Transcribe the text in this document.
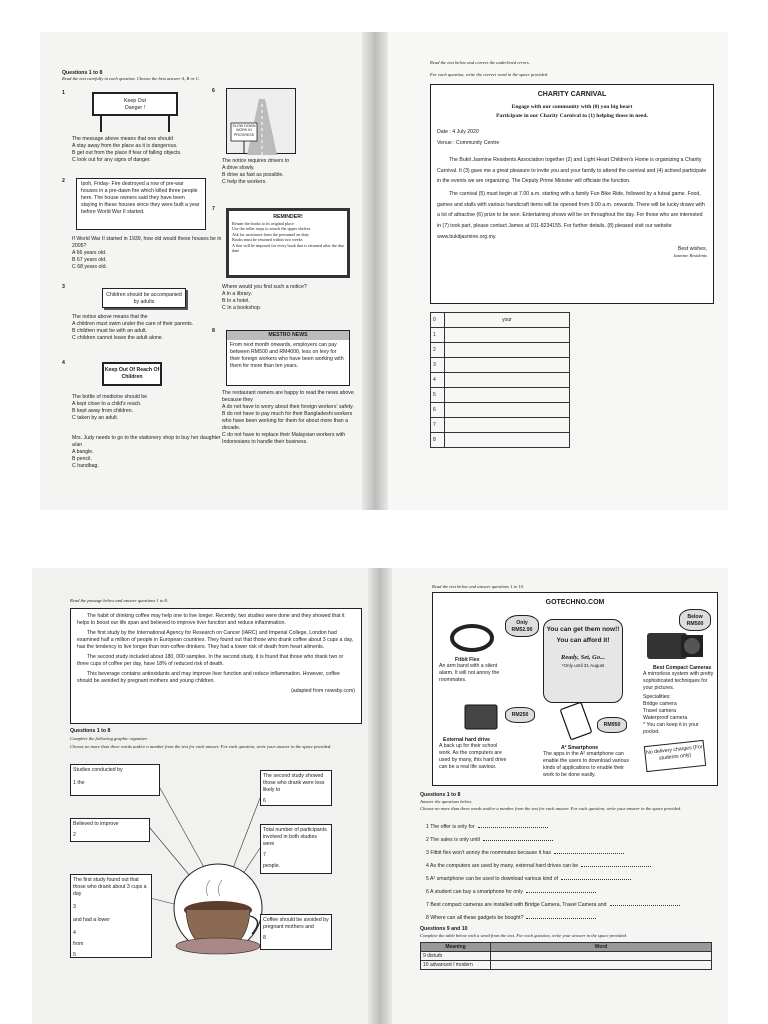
Questions 1 to 8
Read the text carefully in each question. Choose the best answer A, B or C.
1
Keep Out
Danger !
The message above means that one should
A stay away from the place as it is dangerous.
B get out from the place if fear of falling objects.
C look out for any signs of danger.
2	Ipoh, Friday- Fire destroyed a row of pre-war houses in a pre-dawn fire which killed three people here. The house owners said they have been staying in these houses since they were built a year before World War II started.
If World War II started in 1939, how old would these houses be in 2005?
A 66 years old.
B 67 years old.
C 68 years old.
3
Children should be accompanied by adults
The notice above means that the
A children must swim under the care of their parents.
B children must be with an adult.
C children cannot leave the adult alone.
4
Keep Out Of Reach Of Children
The bottle of medicine should be
A kept close to a child's reach.
B kept away from children.
C taken by an adult.
Mrs. Judy needs to go to the stationery shop to buy her daughter a/an
A bangle.
B pencil.
C handbag.
6
SLOW DOWN WORK IN PROGRESS
The notice requires drivers to
A drive slowly.
B drive as fast as possible.
C help the workers.
7
REMINDER!
Return the books to its original place
Use the roller steps to search the upper shelves
Ask for assistance from the personnel on duty
Books must be returned within two weeks
A fine will be imposed for every book that is returned after the due date
Where would you find such a notice?
A In a library.
B In a hotel.
C In a bookshop.
8
MESTRO NEWS
From next month onwards, employers can pay between RM500 and RM4000, less on levy for their foreign workers who have been working with them for more than ten years.
The restaurant owners are happy to read the news above because they
A do not have to worry about their foreign workers' safety.
B do not have to pay much for their Bangladeshi workers who have been working for them for about more than a decade.
C do not have to replace their Malaysian workers with Indonesians to handle their business.
Read the text below and correct the underlined errors.
For each question, write the correct word in the space provided.
CHARITY CARNIVAL
Engage with our community with (0) you big heart
Participate in our Charity Carnival to (1) helping those in need.
Date : 4 July 2020
Venue : Community Centre
The Bukit Jasmine Residents Association together (2) and Light Heart Children's Home is organizing a Charity Carnival. It (3) gave me a great pleasure to invite you and your family to attend the carnival and (4) actived participate in the events we are organizing. The Deputy Prime Minister will officiate the function.
The carnival (5) must begin at 7.00 a.m. starting with a family Fun Bike Ride, followed by a futsal game. Food, games and stalls with various handicraft items will be opened from 9.00 a.m. onwards. There will be lucky draws with a lot of attractive (6) prize to be won. Entertaining shows will be on throughout the day. For those who are interested in (7) took part, please contact James at 011-8234155. For further details, (8) pleased visit our website www.bukitjasmine.org.my.
Best wishes,
Jasmine Residents
0	your
1	
2	
3	
4	
5	
6	
7	
8	
Read the passage below and answer questions 1 to 8.

The habit of drinking coffee may help one to live longer. Recently, two studies were done and they showed that it helps to boost our life span and believed to improve liver function and reduce inflammation.

The first study by the International Agency for Research on Cancer (IARC) and Imperial College, London had examined half a million of people in European countries. They found out that those who drank coffee about 3 cups a day, has the tendency to live longer than non-coffee drinkers. They had a lower risk of death from heart ailments.

The second study included about 180, 000 samples. In the second study, it is found that those who drank two or three cups of coffee per day, have 18% of reduced risk of death.

This beverage contains antioxidants and may improve liver function and reduce inflammation. However, coffee should be avoided by pregnant mothers and young children.

(adapted from nowsby.com)

Questions 1 to 8
Complete the following graphic organiser.
Choose no more than three words and/or a number from the text for each answer. For each question, write your answer in the space provided.
Studies conducted by
1 the
Believed to improve
2
The first study found out that those who drank about 3 cups a day
3
and had a lower
4
from
5
The second study showed those who drank were less likely to
6
Total number of participants involved in both studies were
7
people.
Coffee should be avoided by pregnant mothers and
8
Read the text below and answer questions 1 to 10.
GOTECHNO.COM
Only RM52.90
Below RM500
Fitbit Flex
An arm band with a silent alarm. It will not annoy the roommates.
You can get them now!!
You can afford it!
Ready, Set, Go...
*Only until 31 August	Best Compact Cameras
A mirrorless system with pretty sophisticated techniques for your pictures.
Specialities:
Bridge camera
Travel camera
Waterproof camera
* You can keep it in your pocket.
RM250
External hard drive
A back up for their school work. As the computers are used by many, this hard drive can be a real life saviour.
RM950
A² Smartphone
The apps in the A² smartphone can enable the users to download various kinds of applications to enable their work to be done easily.
No delivery charges (For students only)
Questions 1 to 8
Answer the questions below.
Choose no more than three words and/or a number from the text for each answer. For each question, write your answer in the space provided.
1 The offer is only for
2 The sales is only until
3 Fitbit flex won't annoy the roommates because it has
4 As the computers are used by many, external hard drives can be
5 A² smartphone can be used to download various kind of
6 A student can buy a smartphone for only
7 Best compact cameras are installed with Bridge Camera, Travel Camera and
8 Where can all these gadgets be bought?
Questions 9 and 10
Complete the table below with a word from the text. For each question, write your answer in the space provided.
Meaning	Word
9 disturb	
10 advanced / modern	
